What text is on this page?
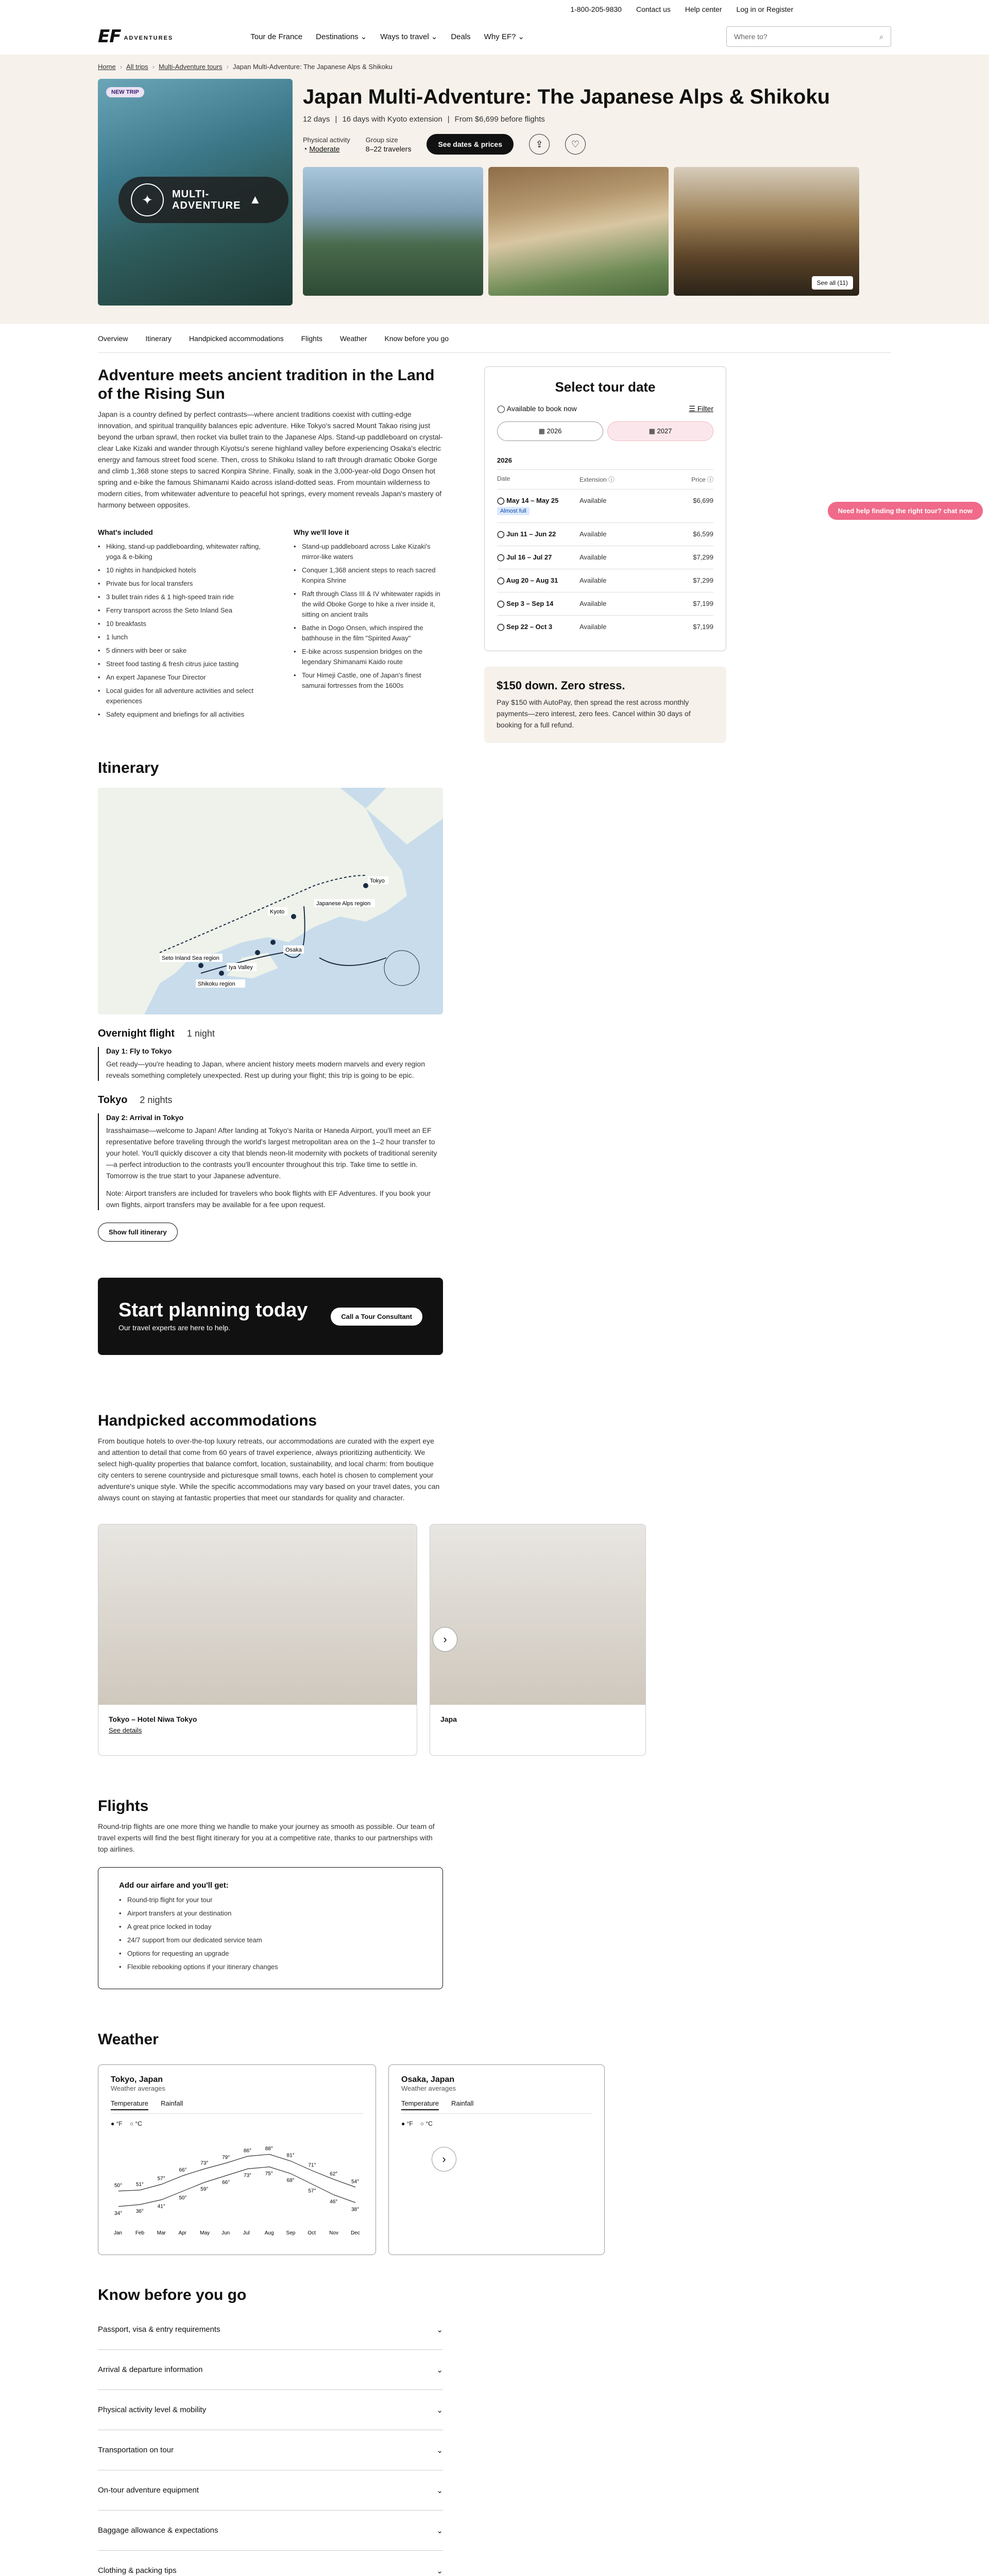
1-800-205-9830 Contact us Help center Log in or Register
EF ADVENTURES	Tour de France Destinations ⌄ Ways to travel ⌄ Deals Why EF? ⌄	Where to?	⌕
Home › All trips › Multi-Adventure tours › Japan Multi-Adventure: The Japanese Alps & Shikoku
NEW TRIP
✦	MULTI-
ADVENTURE ▲
Japan Multi-Adventure: The Japanese Alps & Shikoku
12 days | 16 days with Kyoto extension | From $6,699 before flights
Physical activity
◔ Moderate
Group size
8–22 travelers
See dates & prices	⇪	♡
See all (11)
Overview Itinerary Handpicked accommodations Flights Weather Know before you go
Need help finding the right tour? chat now
Adventure meets ancient tradition in the Land of the Rising Sun

Japan is a country defined by perfect contrasts—where ancient traditions coexist with cutting-edge innovation, and spiritual tranquility balances epic adventure. Hike Tokyo's sacred Mount Takao rising just beyond the urban sprawl, then rocket via bullet train to the Japanese Alps. Stand-up paddleboard on crystal-clear Lake Kizaki and wander through Kiyotsu's serene highland valley before experiencing Osaka's electric energy and famous street food scene. Then, cross to Shikoku Island to raft through dramatic Oboke Gorge and climb 1,368 stone steps to sacred Konpira Shrine. Finally, soak in the 3,000-year-old Dogo Onsen hot spring and e-bike the famous Shimanami Kaido across island-dotted seas. From mountain wilderness to modern cities, from whitewater adventure to peaceful hot springs, every moment reveals Japan's mastery of harmony between opposites.

What's included
• Hiking, stand-up paddleboarding, whitewater rafting, yoga & e-biking
• 10 nights in handpicked hotels
• Private bus for local transfers
• 3 bullet train rides & 1 high-speed train ride
• Ferry transport across the Seto Inland Sea
• 10 breakfasts
• 1 lunch
• 5 dinners with beer or sake
• Street food tasting & fresh citrus juice tasting
• An expert Japanese Tour Director
• Local guides for all adventure activities and select experiences
• Safety equipment and briefings for all activities
Why we'll love it
• Stand-up paddleboard across Lake Kizaki's mirror-like waters
• Conquer 1,368 ancient steps to reach sacred Konpira Shrine
• Raft through Class III & IV whitewater rapids in the wild Oboke Gorge to hike a river inside it, sitting on ancient trails
• Bathe in Dogo Onsen, which inspired the bathhouse in the film "Spirited Away"
• E-bike across suspension bridges on the legendary Shimanami Kaido route
• Tour Himeji Castle, one of Japan's finest samurai fortresses from the 1600s
Itinerary
Tokyo
Kyoto
Japanese Alps region
Osaka
Seto Inland Sea region
Shikoku region
Iya Valley
Overnight flight 1 night
Day 1: Fly to Tokyo

Get ready—you're heading to Japan, where ancient history meets modern marvels and every region reveals something completely unexpected. Rest up during your flight; this trip is going to be epic.

Tokyo 2 nights
Day 2: Arrival in Tokyo

Irasshaimase—welcome to Japan! After landing at Tokyo's Narita or Haneda Airport, you'll meet an EF representative before traveling through the world's largest metropolitan area on the 1–2 hour transfer to your hotel. You'll quickly discover a city that blends neon-lit modernity with pockets of traditional serenity—a perfect introduction to the contrasts you'll encounter throughout this trip. Take time to settle in. Tomorrow is the true start to your Japanese adventure.

Note: Airport transfers are included for travelers who book flights with EF Adventures. If you book your own flights, airport transfers may be available for a fee upon request.

Show full itinerary
Start planning today
Our travel experts are here to help.
Call a Tour Consultant
Select tour date
◯ Available to book now	☰ Filter
▦ 2026	▦ 2027
2026
Date	Extension ⓘ	Price ⓘ
◯ May 14 – May 25
Almost full
Available	$6,699
◯ Jun 11 – Jun 22	Available	$6,599
◯ Jul 16 – Jul 27	Available	$7,299
◯ Aug 20 – Aug 31	Available	$7,299
◯ Sep 3 – Sep 14	Available	$7,199
◯ Sep 22 – Oct 3	Available	$7,199
$150 down. Zero stress.

Pay $150 with AutoPay, then spread the rest across monthly payments—zero interest, zero fees. Cancel within 30 days of booking for a full refund.

Handpicked accommodations

From boutique hotels to over-the-top luxury retreats, our accommodations are curated with the expert eye and attention to detail that come from 60 years of travel experience, always prioritizing authenticity. We select high-quality properties that balance comfort, location, sustainability, and local charm: from boutique city centers to serene countryside and picturesque small towns, each hotel is chosen to complement your adventure's unique style. While the specific accommodations may vary based on your travel dates, you can always count on staying at fantastic properties that meet our standards for quality and character.

Tokyo – Hotel Niwa Tokyo
See details
Japa
›
Flights

Round-trip flights are one more thing we handle to make your journey as smooth as possible. Our team of travel experts will find the best flight itinerary for you at a competitive rate, thanks to our partnerships with top airlines.

Add our airfare and you'll get:
• Round-trip flight for your tour
• Airport transfers at your destination
• A great price locked in today
• 24/7 support from our dedicated service team
• Options for requesting an upgrade
• Flexible rebooking options if your itinerary changes
Weather
Tokyo, Japan
Weather averages
Temperature Rainfall
● °F ○ °C
50°	51°
57°
66°
73°
79°
86°	88°
81°
71°
62°
54°
34°	36°
41°
50°
59°
66°
73°	75°
68°
57°
46°
38°
Jan	Feb Mar Apr	May Jun	Jul	Aug Sep Oct	Nov Dec
Osaka, Japan
Weather averages
Temperature Rainfall
● °F ○ °C
›
Know before you go
Passport, visa & entry requirements	⌄
Arrival & departure information	⌄
Physical activity level & mobility	⌄
Transportation on tour	⌄
On-tour adventure equipment	⌄
Baggage allowance & expectations	⌄
Clothing & packing tips	⌄
